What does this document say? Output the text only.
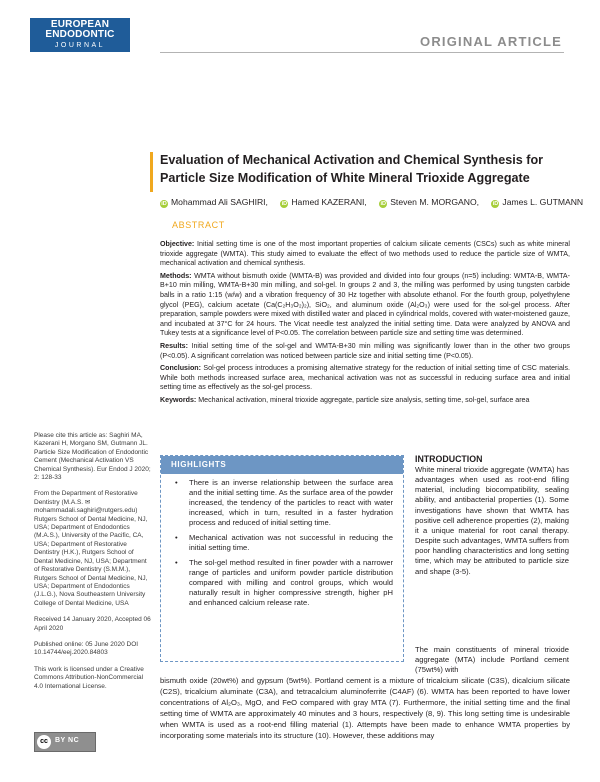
EUROPEAN
ENDODONTIC
JOURNAL	ORIGINAL ARTICLE
Evaluation of Mechanical Activation and Chemical Synthesis for Particle Size Modification of White Mineral Trioxide Aggregate
iD Mohammad Ali SAGHIRI, iD Hamed KAZERANI, iD Steven M. MORGANO, iD James L. GUTMANN
ABSTRACT

Objective: Initial setting time is one of the most important properties of calcium silicate cements (CSCs) such as white mineral trioxide aggregate (WMTA). This study aimed to evaluate the effect of two methods used to reduce the particle size of WMTA, mechanical activation and chemical synthesis.

Methods: WMTA without bismuth oxide (WMTA-B) was provided and divided into four groups (n=5) including: WMTA-B, WMTA-B+10 min milling, WMTA-B+30 min milling, and sol-gel. In groups 2 and 3, the milling was performed by using tungsten carbide balls in a ratio 1:15 (w/w) and a vibration frequency of 30 Hz together with absolute ethanol. For the fourth group, polyethylene glycol (PEG), calcium acetate (Ca(C₂H₃O₂)₂), SiO₂, and aluminum oxide (Al₂O₃) were used for the sol-gel process. After preparation, sample powders were mixed with distilled water and placed in cylindrical molds, covered with water-moistened gauze, and incubated at 37°C for 24 hours. The Vicat needle test analyzed the initial setting time. Data were analyzed by ANOVA and Tukey tests at a significance level of P<0.05. The correlation between particle size and setting time was determined.

Results: Initial setting time of the sol-gel and WMTA-B+30 min milling was significantly lower than in the other two groups (P<0.05). A significant correlation was noticed between particle size and initial setting time (P<0.05).

Conclusion: Sol-gel process introduces a promising alternative strategy for the reduction of initial setting time of CSC materials. While both methods increased surface area, mechanical activation was not as successful in reducing surface area and initial setting time as effectively as the sol-gel process.

Keywords: Mechanical activation, mineral trioxide aggregate, particle size analysis, setting time, sol-gel, surface area

Please cite this article as: Saghiri MA, Kazerani H, Morgano SM, Gutmann JL. Particle Size Modification of Endodontic Cement (Mechanical Activation VS Chemical Synthesis). Eur Endod J 2020; 2: 128-33

From the Department of Restorative Dentistry (M.A.S. ✉ mohammadali.saghiri@rutgers.edu) Rutgers School of Dental Medicine, NJ, USA; Department of Endodontics (M.A.S.), University of the Pacific, CA, USA; Department of Restorative Dentistry (H.K.), Rutgers School of Dental Medicine, NJ, USA; Department of Restorative Dentistry (S.M.M.), Rutgers School of Dental Medicine, NJ, USA; Department of Endodontics (J.L.G.), Nova Southeastern University College of Dental Medicine, USA

Received 14 January 2020, Accepted 06 April 2020

Published online: 05 June 2020 DOI 10.14744/eej.2020.84803

This work is licensed under a Creative Commons Attribution-NonCommercial 4.0 International License.

cc	BY NC
HIGHLIGHTS
• There is an inverse relationship between the surface area and the initial setting time. As the surface area of the powder increased, the tendency of the particles to react with water increased, which in turn, resulted in a faster hydration process and reduced of initial setting time.
• Mechanical activation was not successful in reducing the initial setting time.
• The sol-gel method resulted in finer powder with a narrower range of particles and uniform powder particle distribution compared with milling and control groups, which would naturally result in higher compressive strength, higher pH and enhanced calcium release rate.
INTRODUCTION
White mineral trioxide aggregate (WMTA) has advantages when used as root-end filling material, including biocompatibility, sealing ability, and antibacterial properties (1). Some investigations have shown that WMTA has positive cell adherence properties (2), making it a unique material for root canal therapy. Despite such advantages, WMTA suffers from poor handling characteristics and long setting time, which may be attributed to particle size and shape (3-5).
The main constituents of mineral trioxide aggregate (MTA) include Portland cement (75wt%) with
bismuth oxide (20wt%) and gypsum (5wt%). Portland cement is a mixture of tricalcium silicate (C3S), dicalcium silicate (C2S), tricalcium aluminate (C3A), and tetracalcium aluminoferrite (C4AF) (6). WMTA has been reported to have lower concentrations of Al₂O₃, MgO, and FeO compared with gray MTA (7). Furthermore, the initial setting time and the final setting time of WMTA are approximately 40 minutes and 3 hours, respectively (8, 9). This long setting time is undesirable when WMTA is used as a root-end filling material (1). Attempts have been made to enhance WMTA properties by incorporating some materials into its structure (10). However, these additions may
